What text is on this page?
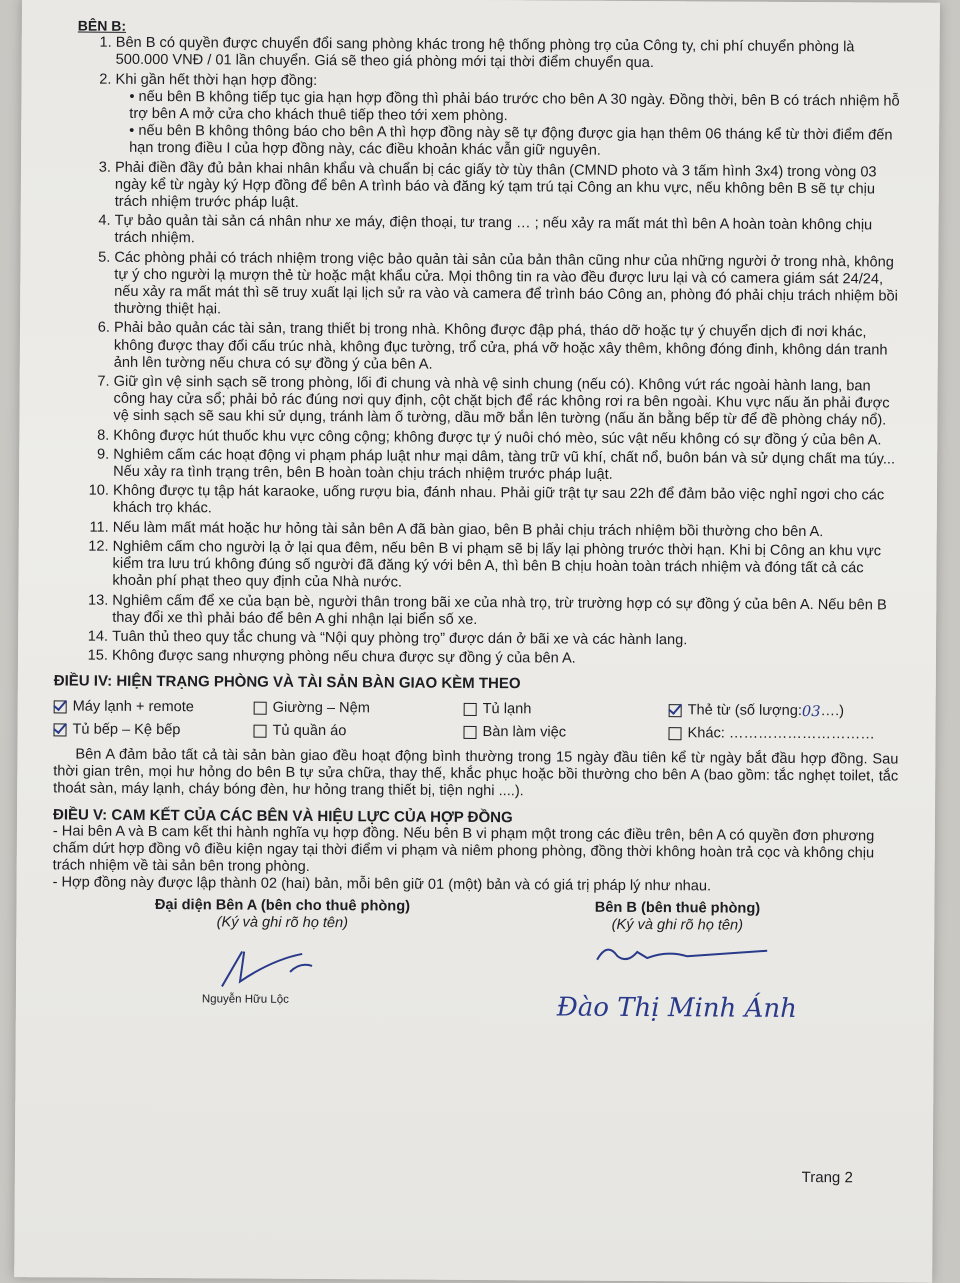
BÊN B:
1. Bên B có quyền được chuyển đổi sang phòng khác trong hệ thống phòng trọ của Công ty, chi phí chuyển phòng là 500.000 VNĐ / 01 lần chuyển. Giá sẽ theo giá phòng mới tại thời điểm chuyển qua.
2. Khi gần hết thời hạn hợp đồng:
• nếu bên B không tiếp tục gia hạn hợp đồng thì phải báo trước cho bên A 30 ngày. Đồng thời, bên B có trách nhiệm hỗ trợ bên A mở cửa cho khách thuê tiếp theo tới xem phòng.
• nếu bên B không thông báo cho bên A thì hợp đồng này sẽ tự động được gia hạn thêm 06 tháng kể từ thời điểm đến hạn trong điều I của hợp đồng này, các điều khoản khác vẫn giữ nguyên.
3. Phải điền đầy đủ bản khai nhân khẩu và chuẩn bị các giấy tờ tùy thân (CMND photo và 3 tấm hình 3x4) trong vòng 03 ngày kể từ ngày ký Hợp đồng để bên A trình báo và đăng ký tạm trú tại Công an khu vực, nếu không bên B sẽ tự chịu trách nhiệm trước pháp luật.
4. Tự bảo quản tài sản cá nhân như xe máy, điện thoại, tư trang … ; nếu xảy ra mất mát thì bên A hoàn toàn không chịu trách nhiệm.
5. Các phòng phải có trách nhiệm trong việc bảo quản tài sản của bản thân cũng như của những người ở trong nhà, không tự ý cho người lạ mượn thẻ từ hoặc mật khẩu cửa. Mọi thông tin ra vào đều được lưu lại và có camera giám sát 24/24, nếu xảy ra mất mát thì sẽ truy xuất lại lịch sử ra vào và camera để trình báo Công an, phòng đó phải chịu trách nhiệm bồi thường thiệt hại.
6. Phải bảo quản các tài sản, trang thiết bị trong nhà. Không được đập phá, tháo dỡ hoặc tự ý chuyển dịch đi nơi khác, không được thay đổi cấu trúc nhà, không đục tường, trổ cửa, phá vỡ hoặc xây thêm, không đóng đinh, không dán tranh ảnh lên tường nếu chưa có sự đồng ý của bên A.
7. Giữ gìn vệ sinh sạch sẽ trong phòng, lối đi chung và nhà vệ sinh chung (nếu có). Không vứt rác ngoài hành lang, ban công hay cửa sổ; phải bỏ rác đúng nơi quy định, cột chặt bịch để rác không rơi ra bên ngoài. Khu vực nấu ăn phải được vệ sinh sạch sẽ sau khi sử dụng, tránh làm ố tường, dầu mỡ bắn lên tường (nấu ăn bằng bếp từ để đề phòng cháy nổ).
8. Không được hút thuốc khu vực công cộng; không được tự ý nuôi chó mèo, súc vật nếu không có sự đồng ý của bên A.
9. Nghiêm cấm các hoạt động vi phạm pháp luật như mại dâm, tàng trữ vũ khí, chất nổ, buôn bán và sử dụng chất ma túy... Nếu xảy ra tình trạng trên, bên B hoàn toàn chịu trách nhiệm trước pháp luật.
10. Không được tụ tập hát karaoke, uống rượu bia, đánh nhau. Phải giữ trật tự sau 22h để đảm bảo việc nghỉ ngơi cho các khách trọ khác.
11. Nếu làm mất mát hoặc hư hỏng tài sản bên A đã bàn giao, bên B phải chịu trách nhiệm bồi thường cho bên A.
12. Nghiêm cấm cho người lạ ở lại qua đêm, nếu bên B vi phạm sẽ bị lấy lại phòng trước thời hạn. Khi bị Công an khu vực kiểm tra lưu trú không đúng số người đã đăng ký với bên A, thì bên B chịu hoàn toàn trách nhiệm và đóng tất cả các khoản phí phạt theo quy định của Nhà nước.
13. Nghiêm cấm để xe của bạn bè, người thân trong bãi xe của nhà trọ, trừ trường hợp có sự đồng ý của bên A. Nếu bên B thay đổi xe thì phải báo để bên A ghi nhận lại biển số xe.
14. Tuân thủ theo quy tắc chung và “Nội quy phòng trọ” được dán ở bãi xe và các hành lang.
15. Không được sang nhượng phòng nếu chưa được sự đồng ý của bên A.
ĐIỀU IV: HIỆN TRẠNG PHÒNG VÀ TÀI SẢN BÀN GIAO KÈM THEO
Máy lạnh + remote	Giường – Nệm	Tủ lạnh	Thẻ từ (số lượng: 03 ….)
Tủ bếp – Kệ bếp	Tủ quần áo	Bàn làm việc	Khác: …………………………

Bên A đảm bảo tất cả tài sản bàn giao đều hoạt động bình thường trong 15 ngày đầu tiên kể từ ngày bắt đầu hợp đồng. Sau thời gian trên, mọi hư hỏng do bên B tự sửa chữa, thay thế, khắc phục hoặc bồi thường cho bên A (bao gồm: tắc nghẹt toilet, tắc thoát sàn, máy lạnh, cháy bóng đèn, hư hỏng trang thiết bị, tiện nghi ....).

ĐIỀU V: CAM KẾT CỦA CÁC BÊN VÀ HIỆU LỰC CỦA HỢP ĐỒNG

- Hai bên A và B cam kết thi hành nghĩa vụ hợp đồng. Nếu bên B vi phạm một trong các điều trên, bên A có quyền đơn phương chấm dứt hợp đồng vô điều kiện ngay tại thời điểm vi phạm và niêm phong phòng, đồng thời không hoàn trả cọc và không chịu trách nhiệm về tài sản bên trong phòng.

- Hợp đồng này được lập thành 02 (hai) bản, mỗi bên giữ 01 (một) bản và có giá trị pháp lý như nhau.

Đại diện Bên A (bên cho thuê phòng)
(Ký và ghi rõ họ tên)
Nguyễn Hữu Lộc
Bên B (bên thuê phòng)
(Ký và ghi rõ họ tên)
Đào Thị Minh Ánh
Trang 2
